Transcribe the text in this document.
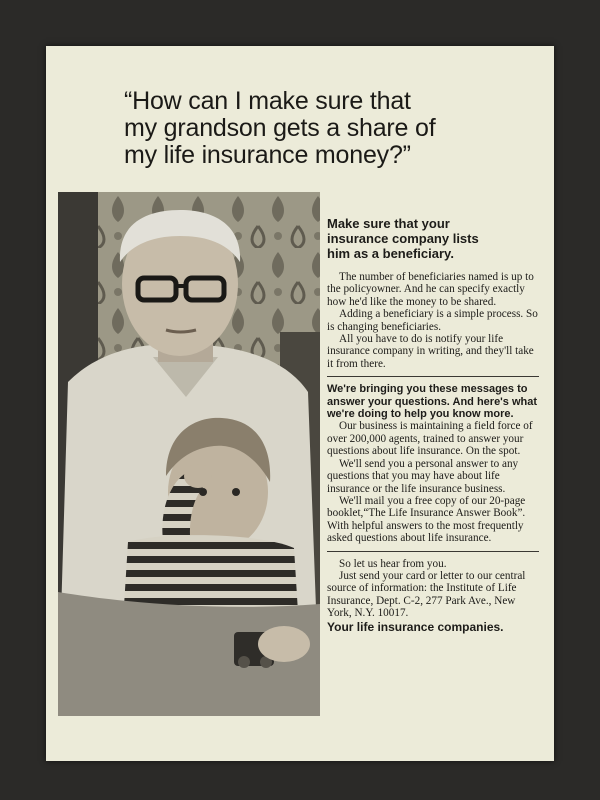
“How can I make sure that
my grandson gets a share of
my life insurance money?”
Make sure that your
insurance company lists
him as a beneficiary.

The number of beneficiaries named is up to the policyowner. And he can specify exactly how he'd like the money to be shared.

Adding a beneficiary is a simple process. So is changing beneficiaries.

All you have to do is notify your life insurance company in writing, and they'll take it from there.

We're bringing you these messages to answer your questions. And here's what we're doing to help you know more.

Our business is maintaining a field force of over 200,000 agents, trained to answer your questions about life insurance. On the spot.

We'll send you a personal answer to any questions that you may have about life insurance or the life insurance business.

We'll mail you a free copy of our 20-page booklet,“The Life Insurance Answer Book”. With helpful answers to the most frequently asked questions about life insurance.

So let us hear from you.

Just send your card or letter to our central source of information: the Institute of Life Insurance, Dept. C-2, 277 Park Ave., New York, N.Y. 10017.

Your life insurance companies.
